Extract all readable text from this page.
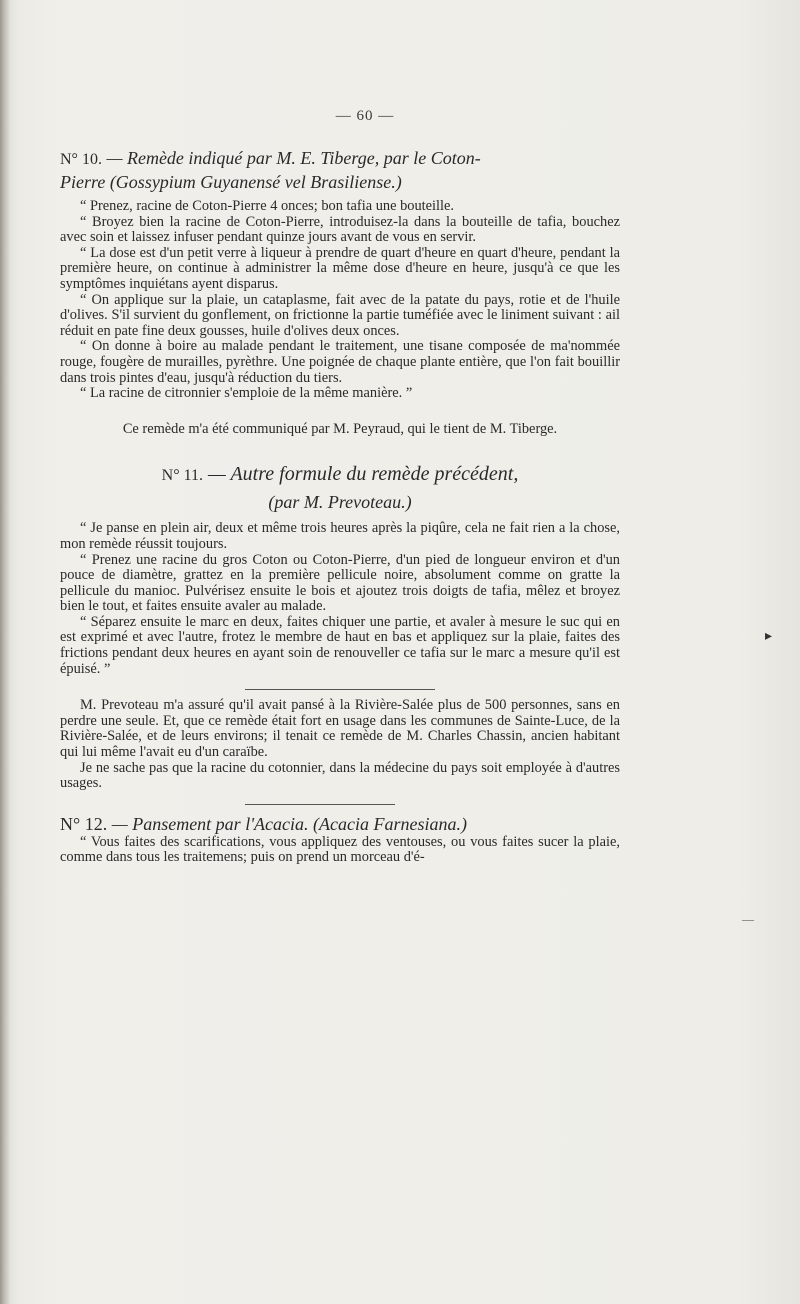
— 60 —
N° 10. — Remède indiqué par M. E. Tiberge, par le Coton-
Pierre (Gossypium Guyanensé vel Brasiliense.)

“ Prenez, racine de Coton-Pierre 4 onces; bon tafia une bouteille.

“ Broyez bien la racine de Coton-Pierre, introduisez-la dans la bouteille de tafia, bouchez avec soin et laissez infuser pendant quinze jours avant de vous en servir.

“ La dose est d'un petit verre à liqueur à prendre de quart d'heure en quart d'heure, pendant la première heure, on continue à administrer la même dose d'heure en heure, jusqu'à ce que les symptômes inquiétans ayent disparus.

“ On applique sur la plaie, un cataplasme, fait avec de la patate du pays, rotie et de l'huile d'olives. S'il survient du gonflement, on frictionne la partie tuméfiée avec le liniment suivant : ail réduit en pate fine deux gousses, huile d'olives deux onces.

“ On donne à boire au malade pendant le traitement, une tisane composée de ma'nommée rouge, fougère de murailles, pyrèthre. Une poignée de chaque plante entière, que l'on fait bouillir dans trois pintes d'eau, jusqu'à réduction du tiers.

“ La racine de citronnier s'emploie de la même manière. ”

Ce remède m'a été communiqué par M. Peyraud, qui le tient de M. Tiberge.

N° 11. — Autre formule du remède précédent,
(par M. Prevoteau.)

“ Je panse en plein air, deux et même trois heures après la piqûre, cela ne fait rien a la chose, mon remède réussit toujours.

“ Prenez une racine du gros Coton ou Coton-Pierre, d'un pied de longueur environ et d'un pouce de diamètre, grattez en la première pellicule noire, absolument comme on gratte la pellicule du manioc. Pulvérisez ensuite le bois et ajoutez trois doigts de tafia, mêlez et broyez bien le tout, et faites ensuite avaler au malade.

“ Séparez ensuite le marc en deux, faites chiquer une partie, et avaler à mesure le suc qui en est exprimé et avec l'autre, frotez le membre de haut en bas et appliquez sur la plaie, faites des frictions pendant deux heures en ayant soin de renouveller ce tafia sur le marc a mesure qu'il est épuisé. ”

M. Prevoteau m'a assuré qu'il avait pansé à la Rivière-Salée plus de 500 personnes, sans en perdre une seule. Et, que ce remède était fort en usage dans les communes de Sainte-Luce, de la Rivière-Salée, et de leurs environs; il tenait ce remède de M. Charles Chassin, ancien habitant qui lui même l'avait eu d'un caraïbe.

Je ne sache pas que la racine du cotonnier, dans la médecine du pays soit employée à d'autres usages.

N° 12. — Pansement par l'Acacia. (Acacia Farnesiana.)

“ Vous faites des scarifications, vous appliquez des ventouses, ou vous faites sucer la plaie, comme dans tous les traitemens; puis on prend un morceau d'é-

▸
—
